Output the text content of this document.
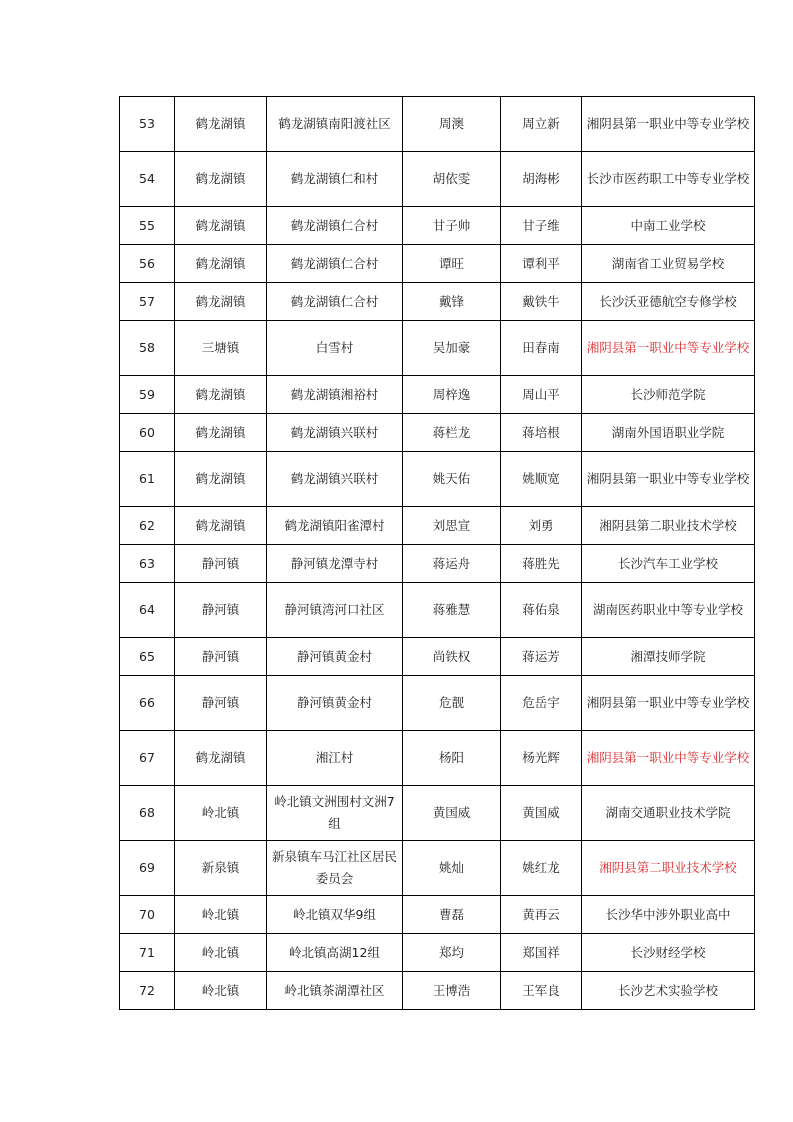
53	鹤龙湖镇	鹤龙湖镇南阳渡社区	周澳	周立新	湘阴县第一职业中等专业学校
54	鹤龙湖镇	鹤龙湖镇仁和村	胡依雯	胡海彬	长沙市医药职工中等专业学校
55	鹤龙湖镇	鹤龙湖镇仁合村	甘子帅	甘子维	中南工业学校
56	鹤龙湖镇	鹤龙湖镇仁合村	谭旺	谭利平	湖南省工业贸易学校
57	鹤龙湖镇	鹤龙湖镇仁合村	戴锋	戴铁牛	长沙沃亚德航空专修学校
58	三塘镇	白雪村	吴加豪	田春南	湘阴县第一职业中等专业学校
59	鹤龙湖镇	鹤龙湖镇湘裕村	周梓逸	周山平	长沙师范学院
60	鹤龙湖镇	鹤龙湖镇兴联村	蒋栏龙	蒋培根	湖南外国语职业学院
61	鹤龙湖镇	鹤龙湖镇兴联村	姚天佑	姚顺宽	湘阴县第一职业中等专业学校
62	鹤龙湖镇	鹤龙湖镇阳雀潭村	刘思宣	刘勇	湘阴县第二职业技术学校
63	静河镇	静河镇龙潭寺村	蒋运舟	蒋胜先	长沙汽车工业学校
64	静河镇	静河镇湾河口社区	蒋雅慧	蒋佑泉	湖南医药职业中等专业学校
65	静河镇	静河镇黄金村	尚铁权	蒋运芳	湘潭技师学院
66	静河镇	静河镇黄金村	危靓	危岳宇	湘阴县第一职业中等专业学校
67	鹤龙湖镇	湘江村	杨阳	杨光辉	湘阴县第一职业中等专业学校
68	岭北镇	岭北镇文洲围村文洲7组	黄国威	黄国威	湖南交通职业技术学院
69	新泉镇	新泉镇车马江社区居民委员会	姚灿	姚红龙	湘阴县第二职业技术学校
70	岭北镇	岭北镇双华9组	曹磊	黄再云	长沙华中涉外职业高中
71	岭北镇	岭北镇高湖12组	郑均	郑国祥	长沙财经学校
72	岭北镇	岭北镇茶湖潭社区	王博浩	王军良	长沙艺术实验学校
